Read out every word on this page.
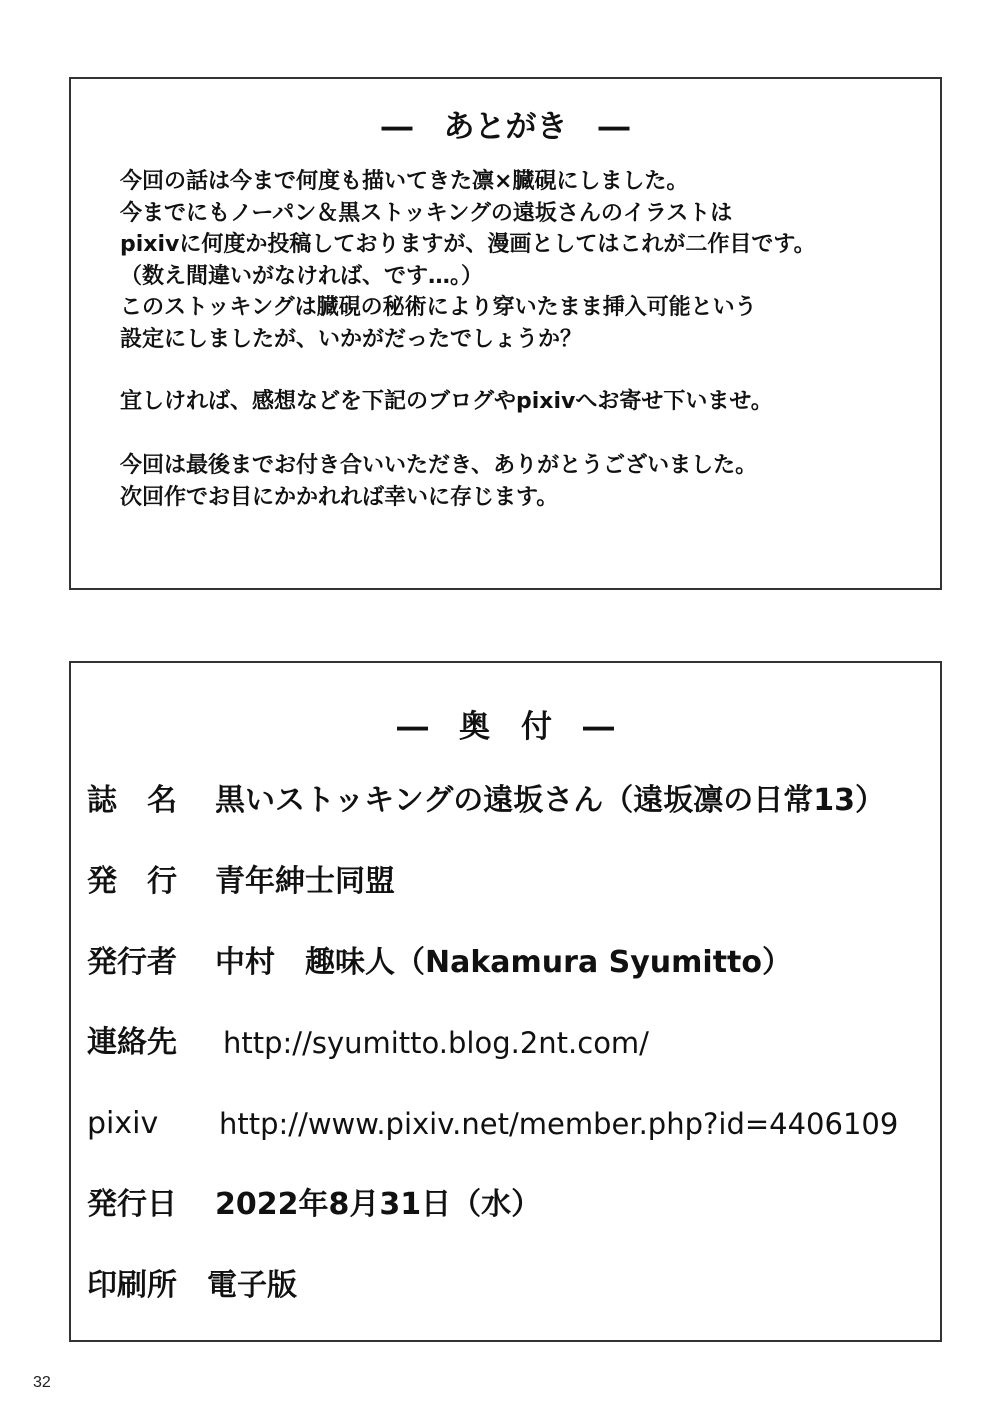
―　あとがき　―
今回の話は今まで何度も描いてきた凛×臓硯にしました。
今までにもノーパン＆黒ストッキングの遠坂さんのイラストは
pixivに何度か投稿しておりますが、漫画としてはこれが二作目です。
（数え間違いがなければ、です…。）
このストッキングは臓硯の秘術により穿いたまま挿入可能という
設定にしましたが、いかがだったでしょうか？
宜しければ、感想などを下記のブログやpixivへお寄せ下いませ。
今回は最後までお付き合いいただき、ありがとうございました。
次回作でお目にかかれれば幸いに存じます。
―　奥　付　―
誌　名 黒いストッキングの遠坂さん（遠坂凛の日常13）
発　行 青年紳士同盟
発行者 中村　趣味人（Nakamura Syumitto）
連絡先 http://syumitto.blog.2nt.com/
pixiv http://www.pixiv.net/member.php?id=4406109
発行日 2022年8月31日（水）
印刷所 電子版
32
